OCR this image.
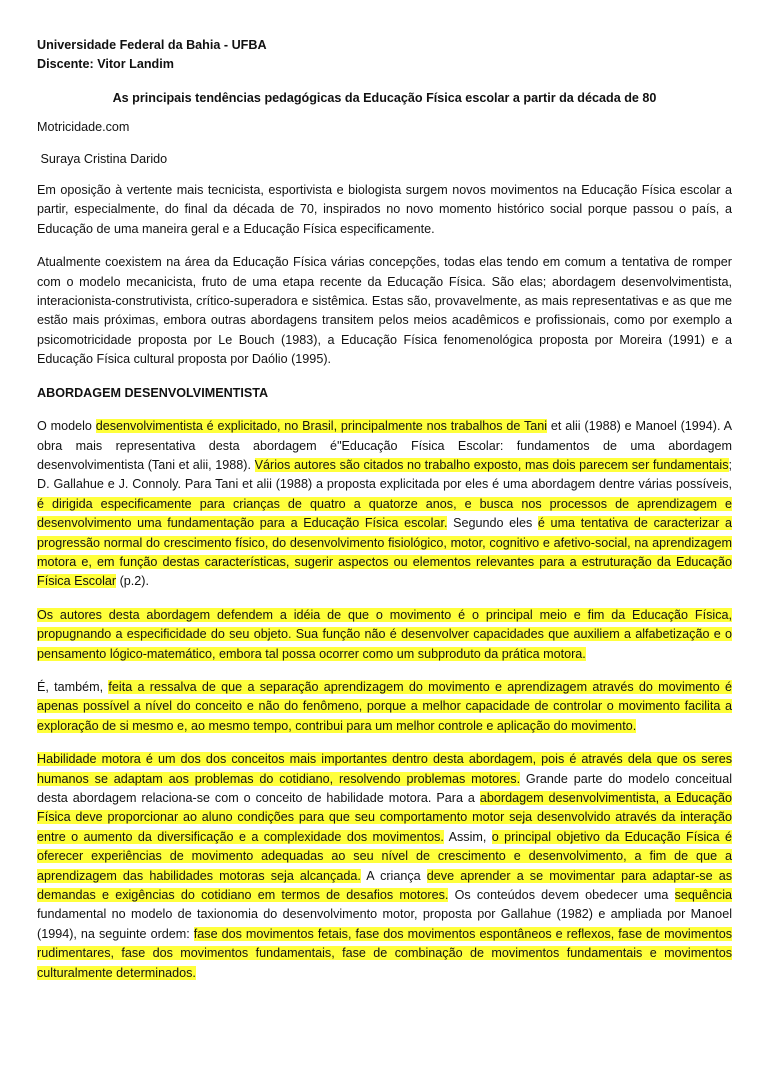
Universidade Federal da Bahia - UFBA

Discente: Vitor Landim

As principais tendências pedagógicas da Educação Física escolar a partir da década de 80

Motricidade.com

Suraya Cristina Darido

Em oposição à vertente mais tecnicista, esportivista e biologista surgem novos movimentos na Educação Física escolar a partir, especialmente, do final da década de 70, inspirados no novo momento histórico social porque passou o país, a Educação de uma maneira geral e a Educação Física especificamente.

Atualmente coexistem na área da Educação Física várias concepções, todas elas tendo em comum a tentativa de romper com o modelo mecanicista, fruto de uma etapa recente da Educação Física. São elas; abordagem desenvolvimentista, interacionista-construtivista, crítico-superadora e sistêmica. Estas são, provavelmente, as mais representativas e as que me estão mais próximas, embora outras abordagens transitem pelos meios acadêmicos e profissionais, como por exemplo a psicomotricidade proposta por Le Bouch (1983), a Educação Física fenomenológica proposta por Moreira (1991) e a Educação Física cultural proposta por Daólio (1995).

ABORDAGEM DESENVOLVIMENTISTA

O modelo desenvolvimentista é explicitado, no Brasil, principalmente nos trabalhos de Tani et alii (1988) e Manoel (1994). A obra mais representativa desta abordagem é"Educação Física Escolar: fundamentos de uma abordagem desenvolvimentista (Tani et alii, 1988). Vários autores são citados no trabalho exposto, mas dois parecem ser fundamentais; D. Gallahue e J. Connoly. Para Tani et alii (1988) a proposta explicitada por eles é uma abordagem dentre várias possíveis, é dirigida especificamente para crianças de quatro a quatorze anos, e busca nos processos de aprendizagem e desenvolvimento uma fundamentação para a Educação Física escolar. Segundo eles é uma tentativa de caracterizar a progressão normal do crescimento físico, do desenvolvimento fisiológico, motor, cognitivo e afetivo-social, na aprendizagem motora e, em função destas características, sugerir aspectos ou elementos relevantes para a estruturação da Educação Física Escolar (p.2).

Os autores desta abordagem defendem a idéia de que o movimento é o principal meio e fim da Educação Física, propugnando a especificidade do seu objeto. Sua função não é desenvolver capacidades que auxiliem a alfabetização e o pensamento lógico-matemático, embora tal possa ocorrer como um subproduto da prática motora.

É, também, feita a ressalva de que a separação aprendizagem do movimento e aprendizagem através do movimento é apenas possível a nível do conceito e não do fenômeno, porque a melhor capacidade de controlar o movimento facilita a exploração de si mesmo e, ao mesmo tempo, contribui para um melhor controle e aplicação do movimento.

Habilidade motora é um dos dos conceitos mais importantes dentro desta abordagem, pois é através dela que os seres humanos se adaptam aos problemas do cotidiano, resolvendo problemas motores. Grande parte do modelo conceitual desta abordagem relaciona-se com o conceito de habilidade motora. Para a abordagem desenvolvimentista, a Educação Física deve proporcionar ao aluno condições para que seu comportamento motor seja desenvolvido através da interação entre o aumento da diversificação e a complexidade dos movimentos. Assim, o principal objetivo da Educação Física é oferecer experiências de movimento adequadas ao seu nível de crescimento e desenvolvimento, a fim de que a aprendizagem das habilidades motoras seja alcançada. A criança deve aprender a se movimentar para adaptar-se as demandas e exigências do cotidiano em termos de desafios motores. Os conteúdos devem obedecer uma sequência fundamental no modelo de taxionomia do desenvolvimento motor, proposta por Gallahue (1982) e ampliada por Manoel (1994), na seguinte ordem: fase dos movimentos fetais, fase dos movimentos espontâneos e reflexos, fase de movimentos rudimentares, fase dos movimentos fundamentais, fase de combinação de movimentos fundamentais e movimentos culturalmente determinados.
